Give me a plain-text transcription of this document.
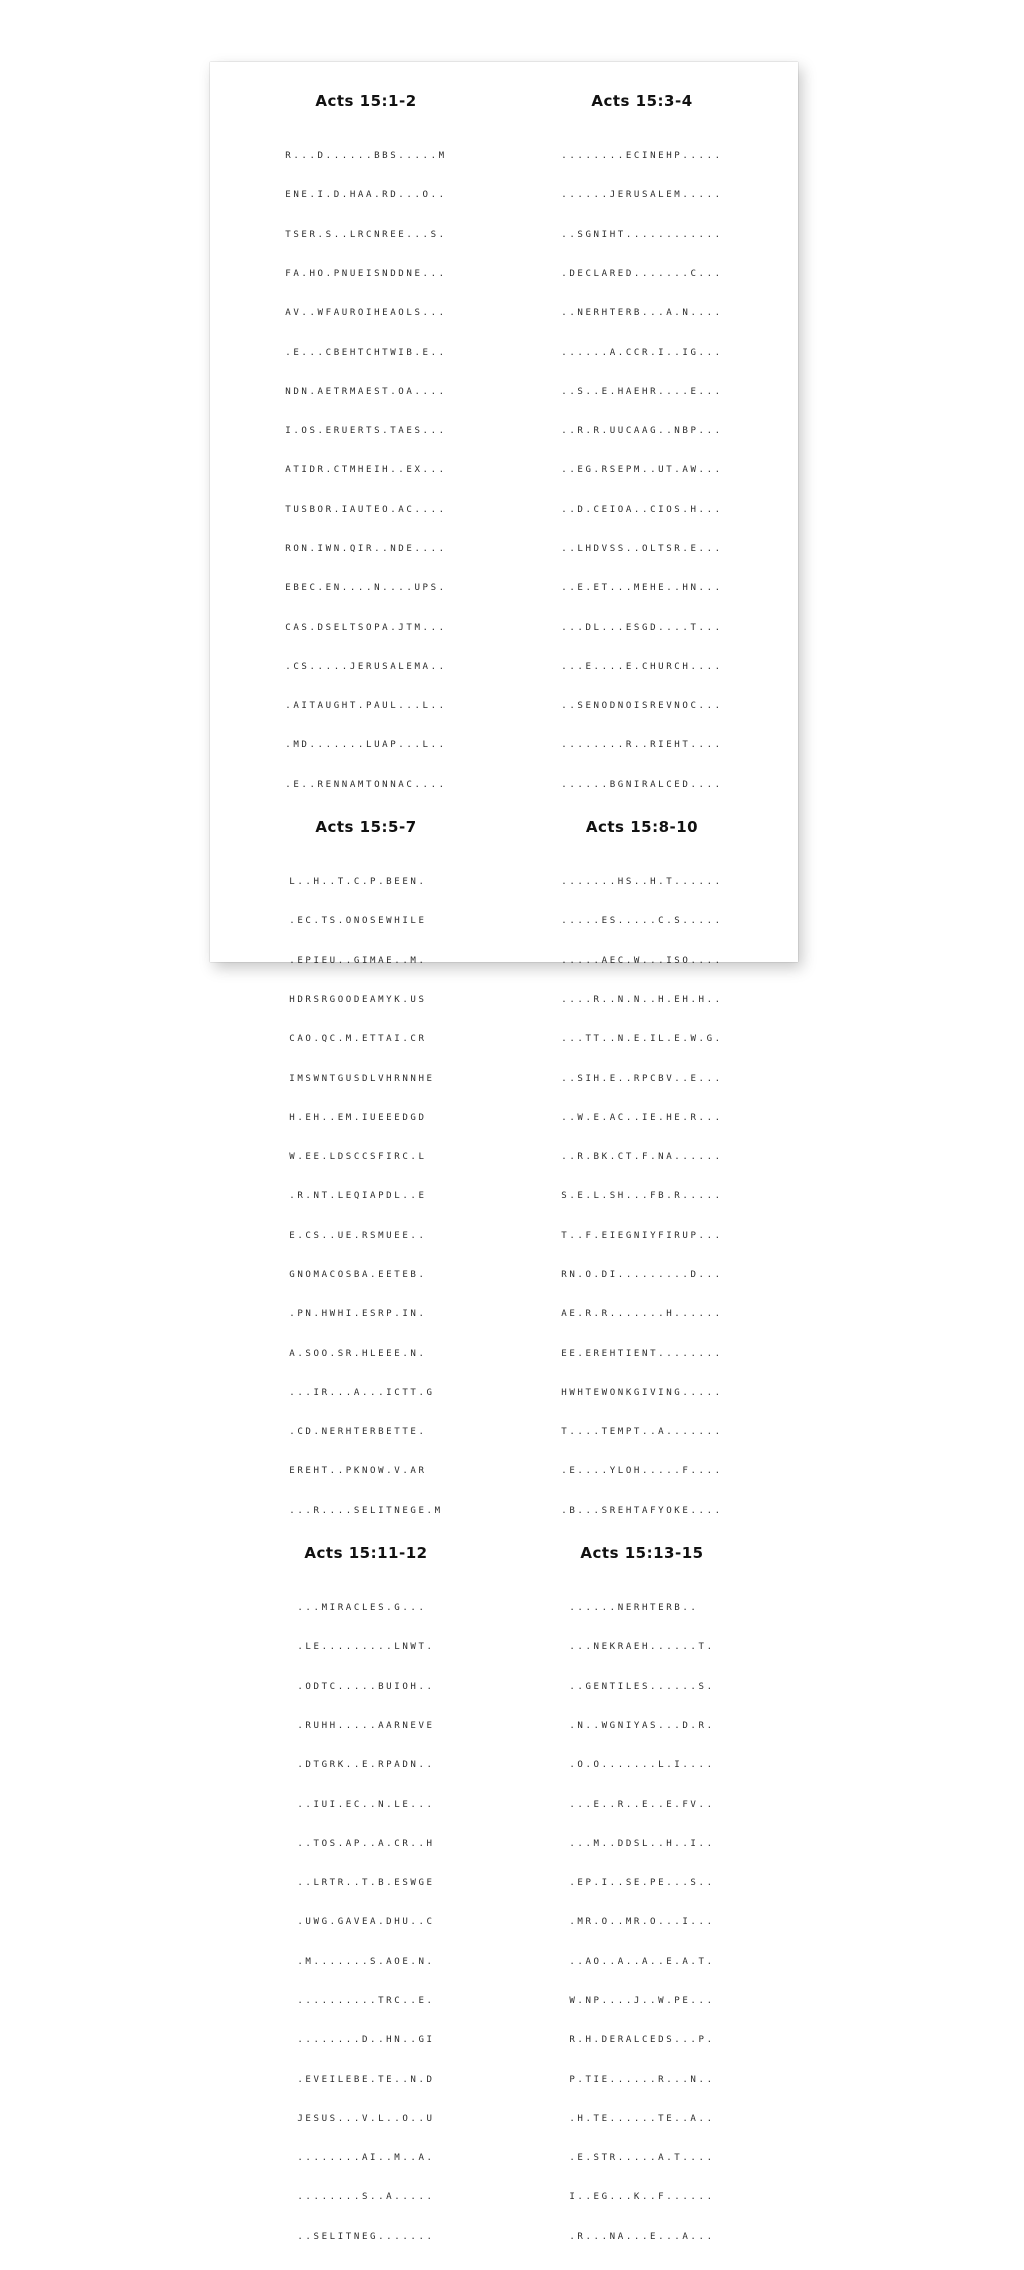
Acts 15:1-2

R...D......BBS.....M

ENE.I.D.HAA.RD...O..

TSER.S..LRCNREE...S.

FA.HO.PNUEISNDDNE...

AV..WFAUROIHEAOLS...

.E...CBEHTCHTWIB.E..

NDN.AETRMAEST.OA....

I.OS.ERUERTS.TAES...

ATIDR.CTMHEIH..EX...

TUSBOR.IAUTEO.AC....

RON.IWN.QIR..NDE....

EBEC.EN....N....UPS.

CAS.DSELTSOPA.JTM...

.CS.....JERUSALEMA..

.AITAUGHT.PAUL...L..

.MD.......LUAP...L..

.E..RENNAMTONNAC....

Acts 15:3-4

........ECINEHP.....

......JERUSALEM.....

..SGNIHT............

.DECLARED.......C...

..NERHTERB...A.N....

......A.CCR.I..IG...

..S..E.HAEHR....E...

..R.R.UUCAAG..NBP...

..EG.RSEPM..UT.AW...

..D.CEIOA..CIOS.H...

..LHDVSS..OLTSR.E...

..E.ET...MEHE..HN...

...DL...ESGD....T...

...E....E.CHURCH....

..SENODNOISREVNOC...

........R..RIEHT....

......BGNIRALCED....

Acts 15:5-7

L..H..T.C.P.BEEN.

.EC.TS.ONOSEWHILE

.EPIEU..GIMAE..M.

HDRSRGOODEAMYK.US

CAO.QC.M.ETTAI.CR

IMSWNTGUSDLVHRNNHE

H.EH..EM.IUEEEDGD

W.EE.LDSCCSFIRC.L

.R.NT.LEQIAPDL..E

E.CS..UE.RSMUEE..

GNOMACOSBA.EETEB.

.PN.HWHI.ESRP.IN.

A.SOO.SR.HLEEE.N.

...IR...A...ICTT.G

.CD.NERHTERBETTE.

EREHT..PKNOW.V.AR

...R....SELITNEGE.M

Acts 15:8-10

.......HS..H.T......

.....ES.....C.S.....

.....AEC.W...ISO....

....R..N.N..H.EH.H..

...TT..N.E.IL.E.W.G.

..SIH.E..RPCBV..E...

..W.E.AC..IE.HE.R...

..R.BK.CT.F.NA......

S.E.L.SH...FB.R.....

T..F.EIEGNIYFIRUP...

RN.O.DI.........D...

AE.R.R.......H......

EE.EREHTIENT........

HWHTEWONKGIVING.....

T....TEMPT..A.......

.E....YLOH.....F....

.B...SREHTAFYOKE....

Acts 15:11-12

...MIRACLES.G...

.LE.........LNWT.

.ODTC.....BUIOH..

.RUHH.....AARNEVE

.DTGRK..E.RPADN..

..IUI.EC..N.LE...

..TOS.AP..A.CR..H

..LRTR..T.B.ESWGE

.UWG.GAVEA.DHU..C

.M.......S.AOE.N.

..........TRC..E.

........D..HN..GI

.EVEILEBE.TE..N.D

JESUS...V.L..O..U

........AI..M..A.

........S..A.....

..SELITNEG.......

Acts 15:13-15

......NERHTERB..

...NEKRAEH......T.

..GENTILES......S.

.N..WGNIYAS...D.R.

.O.O.......L.I....

...E..R..E..E.FV..

...M..DDSL..H..I..

.EP.I..SE.PE...S..

.MR.O..MR.O...I...

..AO..A..A..E.A.T.

W.NP....J..W.PE...

R.H.DERALCEDS...P.

P.TIE......R...N..

.H.TE......TE..A..

.E.STR.....A.T....

I..EG...K..F......

.R...NA...E...A...
